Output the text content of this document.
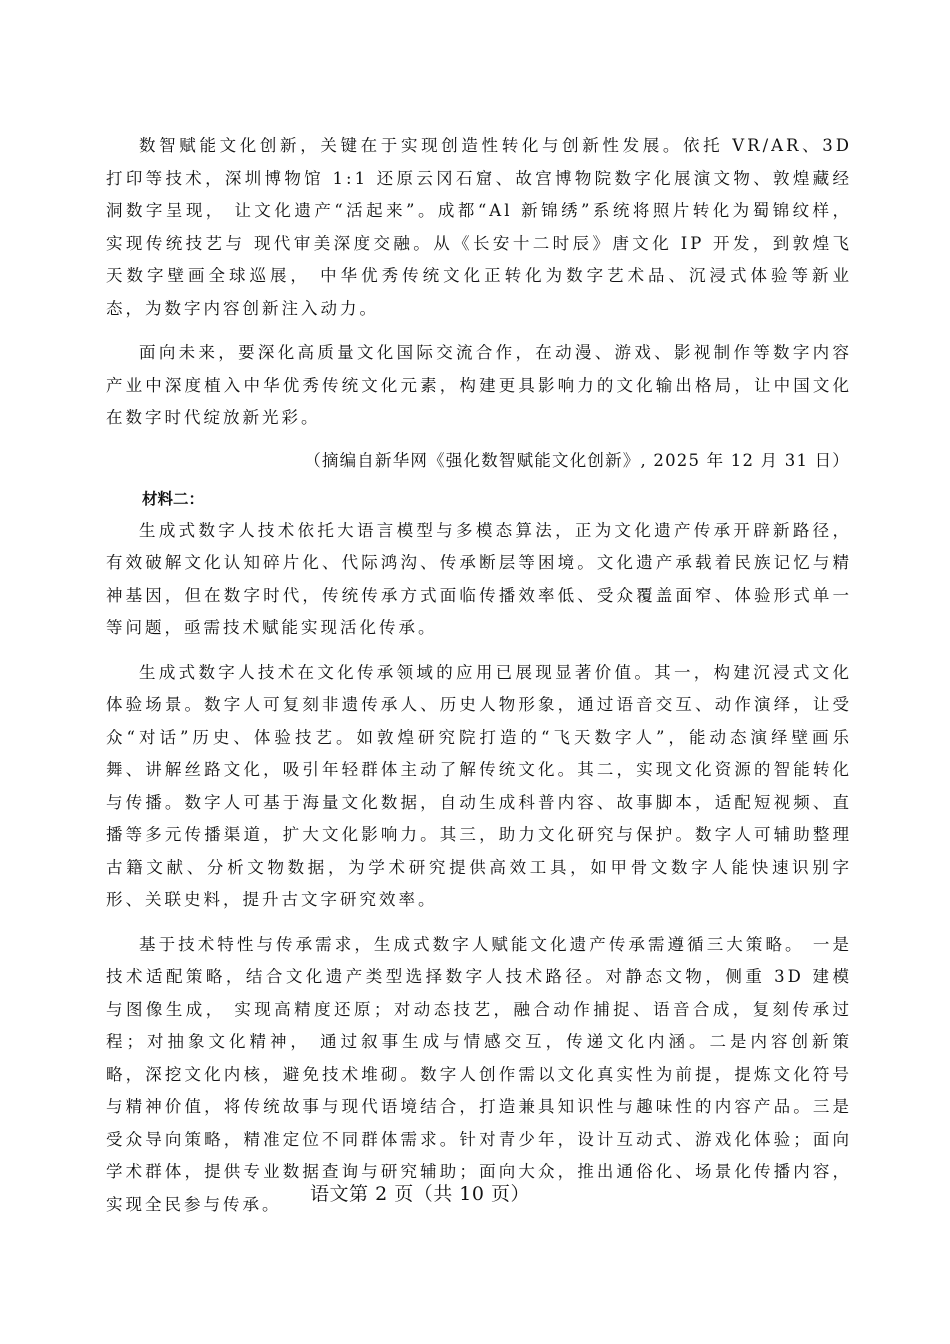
数智赋能文化创新，关键在于实现创造性转化与创新性发展。依托 VR/AR、3D 打印等技术，深圳博物馆 1:1 还原云冈石窟、故宫博物院数字化展演文物、敦煌藏经洞数字呈现， 让文化遗产“活起来”。成都“Al 新锦绣”系统将照片转化为蜀锦纹样，实现传统技艺与 现代审美深度交融。从《长安十二时辰》唐文化 IP 开发，到敦煌飞天数字壁画全球巡展， 中华优秀传统文化正转化为数字艺术品、沉浸式体验等新业态，为数字内容创新注入动力。

面向未来，要深化高质量文化国际交流合作，在动漫、游戏、影视制作等数字内容产业中深度植入中华优秀传统文化元素，构建更具影响力的文化输出格局，让中国文化在数字时代绽放新光彩。

（摘编自新华网《强化数智赋能文化创新》, 2025 年 12 月 31 日）

材料二：

生成式数字人技术依托大语言模型与多模态算法，正为文化遗产传承开辟新路径，有效破解文化认知碎片化、代际鸿沟、传承断层等困境。文化遗产承载着民族记忆与精神基因，但在数字时代，传统传承方式面临传播效率低、受众覆盖面窄、体验形式单一等问题，亟需技术赋能实现活化传承。

生成式数字人技术在文化传承领域的应用已展现显著价值。其一，构建沉浸式文化体验场景。数字人可复刻非遗传承人、历史人物形象，通过语音交互、动作演绎，让受众“对话”历史、体验技艺。如敦煌研究院打造的“飞天数字人”，能动态演绎壁画乐舞、讲解丝路文化，吸引年轻群体主动了解传统文化。其二，实现文化资源的智能转化与传播。数字人可基于海量文化数据，自动生成科普内容、故事脚本，适配短视频、直播等多元传播渠道，扩大文化影响力。其三，助力文化研究与保护。数字人可辅助整理古籍文献、分析文物数据，为学术研究提供高效工具，如甲骨文数字人能快速识别字形、关联史料，提升古文字研究效率。

基于技术特性与传承需求，生成式数字人赋能文化遗产传承需遵循三大策略。 一是技术适配策略，结合文化遗产类型选择数字人技术路径。对静态文物，侧重 3D 建模与图像生成， 实现高精度还原；对动态技艺，融合动作捕捉、语音合成，复刻传承过程；对抽象文化精神， 通过叙事生成与情感交互，传递文化内涵。二是内容创新策略，深挖文化内核，避免技术堆砌。数字人创作需以文化真实性为前提，提炼文化符号与精神价值，将传统故事与现代语境结合，打造兼具知识性与趣味性的内容产品。三是受众导向策略，精准定位不同群体需求。针对青少年，设计互动式、游戏化体验；面向学术群体，提供专业数据查询与研究辅助；面向大众，推出通俗化、场景化传播内容，实现全民参与传承。	语文第 2 页（共 10 页）
